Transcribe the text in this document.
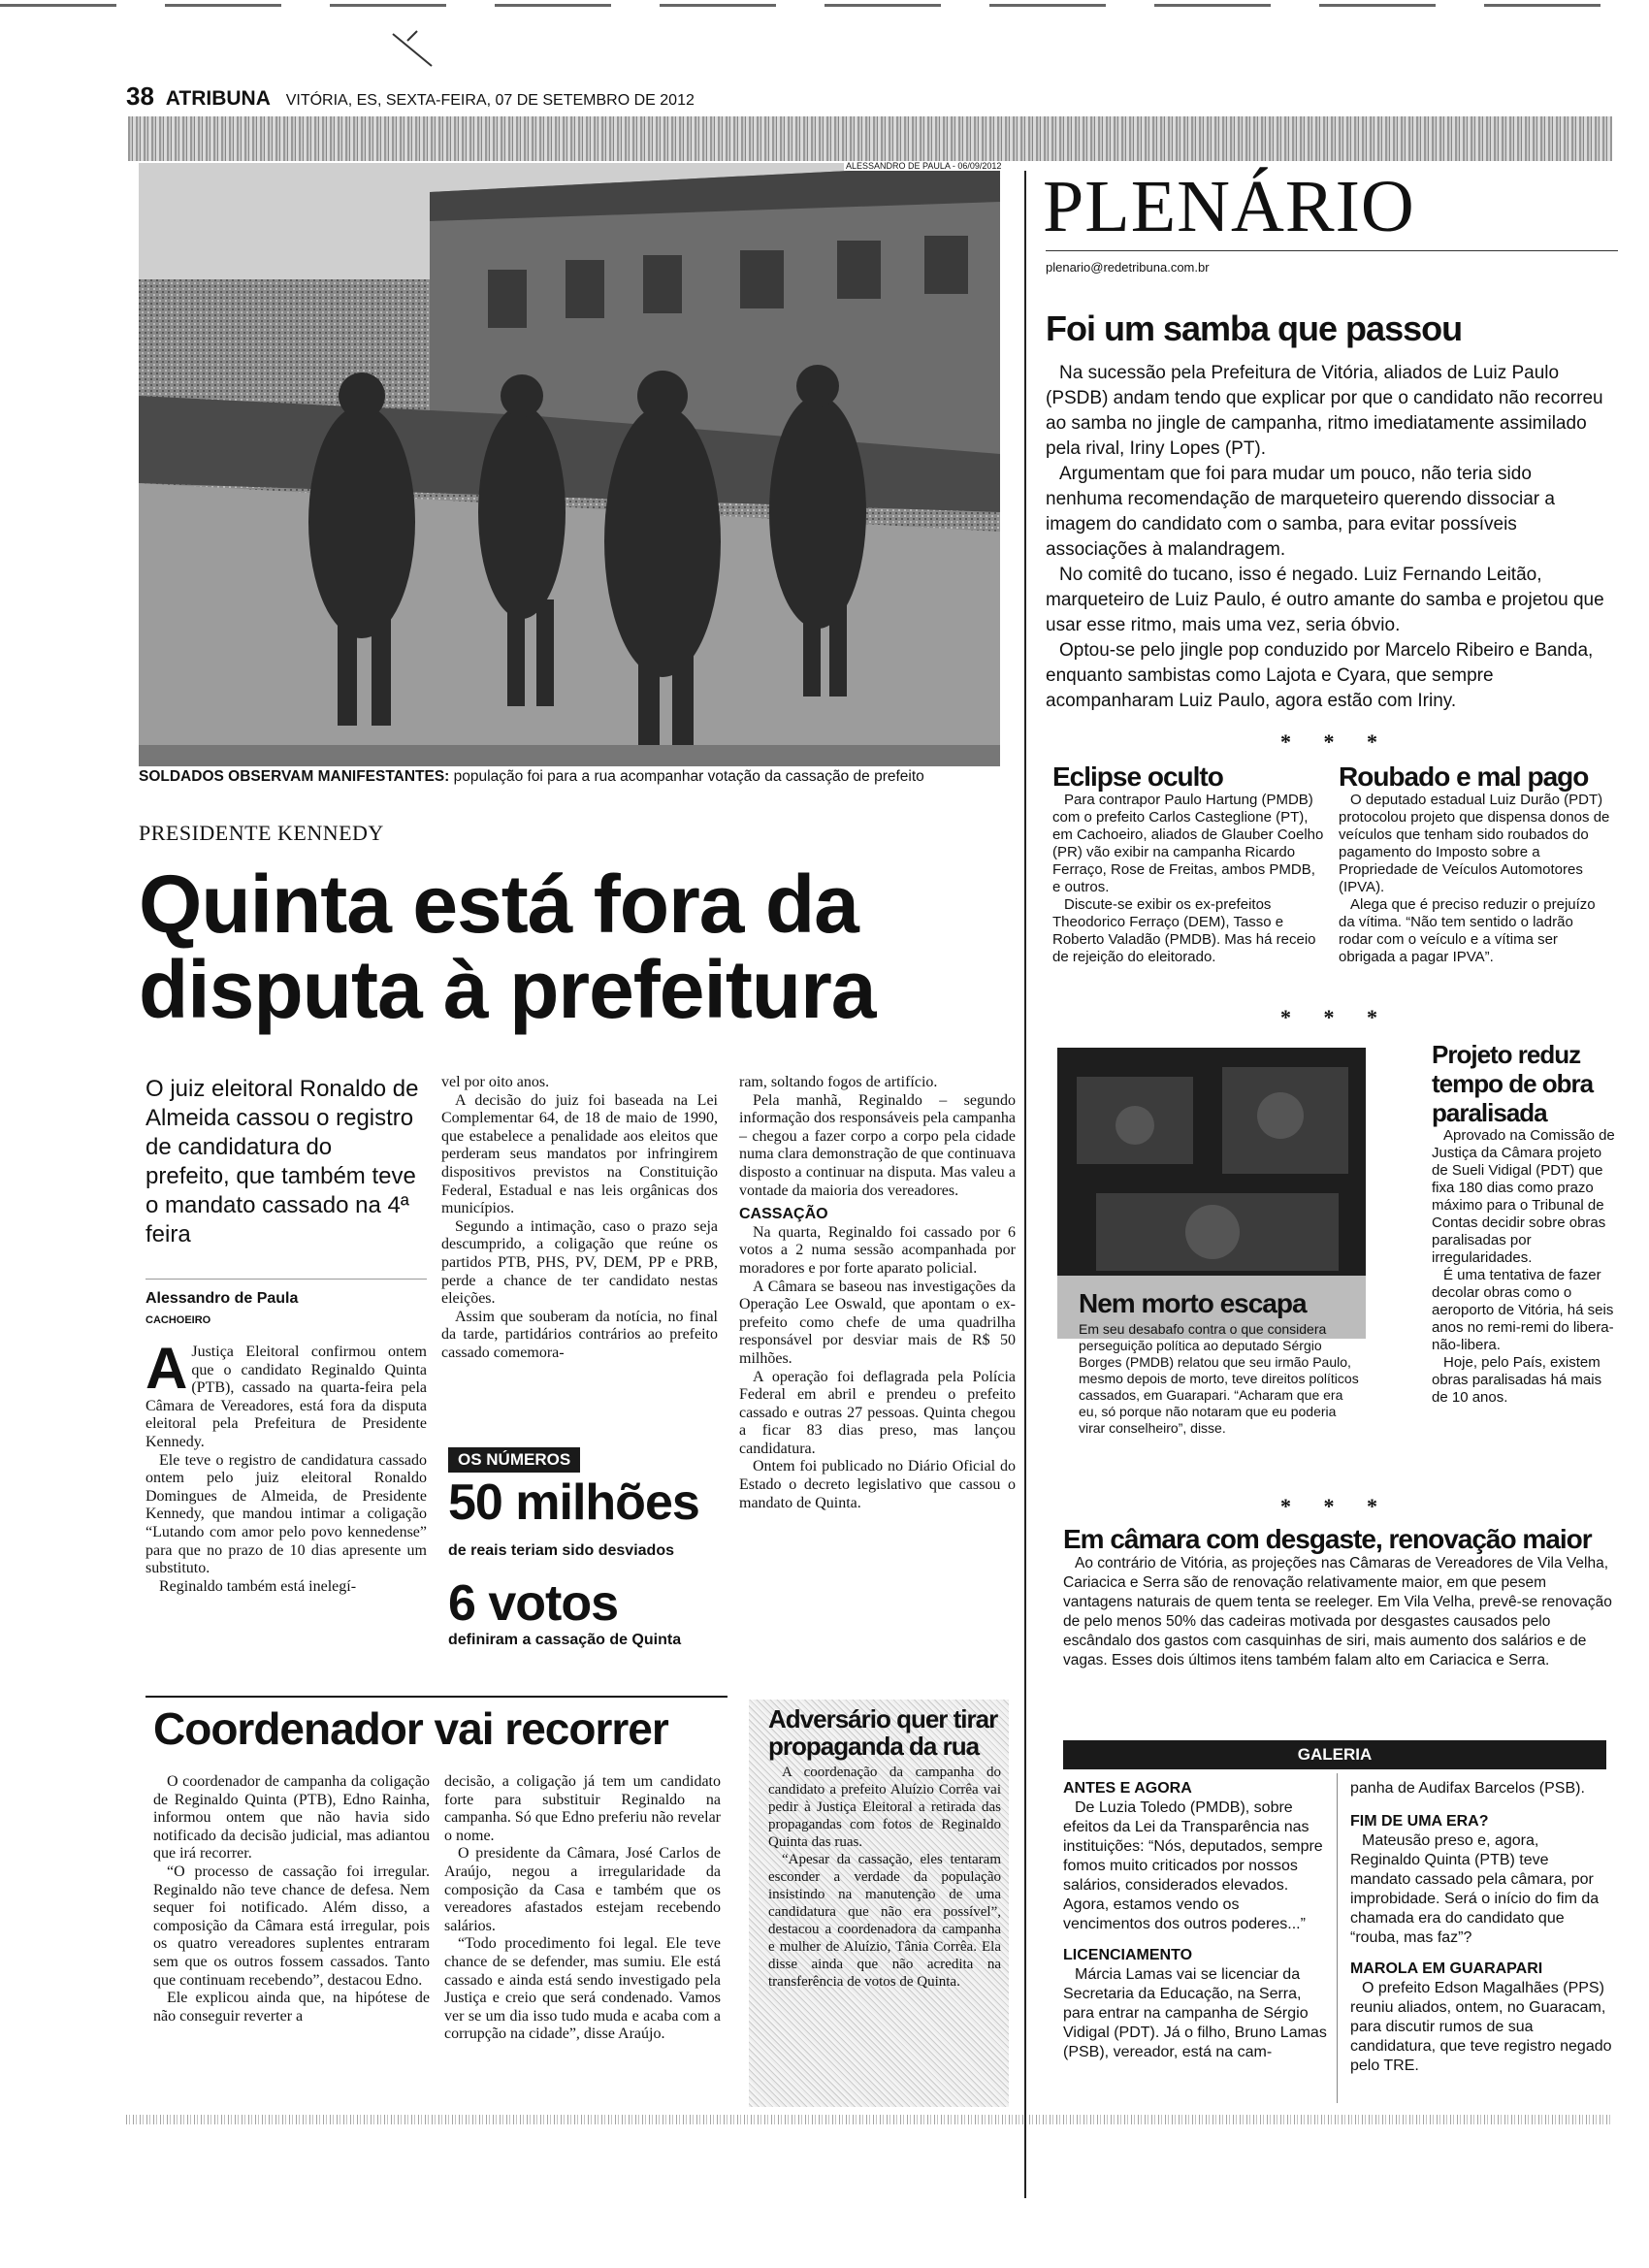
38 ATRIBUNA VITÓRIA, ES, SEXTA-FEIRA, 07 DE SETEMBRO DE 2012
ALESSANDRO DE PAULA - 06/09/2012
SOLDADOS OBSERVAM MANIFESTANTES: população foi para a rua acompanhar votação da cassação de prefeito
PRESIDENTE KENNEDY
Quinta está fora da
disputa à prefeitura
O juiz eleitoral Ronaldo de Almeida cassou o registro de candidatura do prefeito, que também teve o mandato cassado na 4ª feira
Alessandro de Paula
CACHOEIRO

A Justiça Eleitoral confirmou ontem que o candidato Reginaldo Quinta (PTB), cassado na quarta-feira pela Câmara de Vereadores, está fora da disputa eleitoral pela Prefeitura de Presidente Kennedy.

Ele teve o registro de candidatura cassado ontem pelo juiz eleitoral Ronaldo Domingues de Almeida, de Presidente Kennedy, que mandou intimar a coligação “Lutando com amor pelo povo kennedense” para que no prazo de 10 dias apresente um substituto.

Reginaldo também está inelegí-

vel por oito anos.

A decisão do juiz foi baseada na Lei Complementar 64, de 18 de maio de 1990, que estabelece a penalidade aos eleitos que perderam seus mandatos por infringirem dispositivos previstos na Constituição Federal, Estadual e nas leis orgânicas dos municípios.

Segundo a intimação, caso o prazo seja descumprido, a coligação que reúne os partidos PTB, PHS, PV, DEM, PP e PRB, perde a chance de ter candidato nestas eleições.

Assim que souberam da notícia, no final da tarde, partidários contrários ao prefeito cassado comemora-

OS NÚMEROS
50 milhões
de reais teriam sido desviados
6 votos
definiram a cassação de Quinta

ram, soltando fogos de artifício.

Pela manhã, Reginaldo – segundo informação dos responsáveis pela campanha – chegou a fazer corpo a corpo pela cidade numa clara demonstração de que continuava disposto a continuar na disputa. Mas valeu a vontade da maioria dos vereadores.

CASSAÇÃO

Na quarta, Reginaldo foi cassado por 6 votos a 2 numa sessão acompanhada por moradores e por forte aparato policial.

A Câmara se baseou nas investigações da Operação Lee Oswald, que apontam o ex-prefeito como chefe de uma quadrilha responsável por desviar mais de R$ 50 milhões.

A operação foi deflagrada pela Polícia Federal em abril e prendeu o prefeito cassado e outras 27 pessoas. Quinta chegou a ficar 83 dias preso, mas lançou candidatura.

Ontem foi publicado no Diário Oficial do Estado o decreto legislativo que cassou o mandato de Quinta.

Coordenador vai recorrer

O coordenador de campanha da coligação de Reginaldo Quinta (PTB), Edno Rainha, informou ontem que não havia sido notificado da decisão judicial, mas adiantou que irá recorrer.

“O processo de cassação foi irregular. Reginaldo não teve chance de defesa. Nem sequer foi notificado. Além disso, a composição da Câmara está irregular, pois os quatro vereadores suplentes entraram sem que os outros fossem cassados. Tanto que continuam recebendo”, destacou Edno.

Ele explicou ainda que, na hipótese de não conseguir reverter a

decisão, a coligação já tem um candidato forte para substituir Reginaldo na campanha. Só que Edno preferiu não revelar o nome.

O presidente da Câmara, José Carlos de Araújo, negou a irregularidade da composição da Casa e também que os vereadores afastados estejam recebendo salários.

“Todo procedimento foi legal. Ele teve chance de se defender, mas sumiu. Ele está cassado e ainda está sendo investigado pela Justiça e creio que será condenado. Vamos ver se um dia isso tudo muda e acaba com a corrupção na cidade”, disse Araújo.

Adversário quer tirar propaganda da rua

A coordenação da campanha do candidato a prefeito Aluízio Corrêa vai pedir à Justiça Eleitoral a retirada das propagandas com fotos de Reginaldo Quinta das ruas.

“Apesar da cassação, eles tentaram esconder a verdade da população insistindo na manutenção de uma candidatura que não era possível”, destacou a coordenadora da campanha e mulher de Aluízio, Tânia Corrêa. Ela disse ainda que não acredita na transferência de votos de Quinta.

PLENÁRIO
plenario@redetribuna.com.br
Foi um samba que passou

Na sucessão pela Prefeitura de Vitória, aliados de Luiz Paulo (PSDB) andam tendo que explicar por que o candidato não recorreu ao samba no jingle de campanha, ritmo imediatamente assimilado pela rival, Iriny Lopes (PT).

Argumentam que foi para mudar um pouco, não teria sido nenhuma recomendação de marqueteiro querendo dissociar a imagem do candidato com o samba, para evitar possíveis associações à malandragem.

No comitê do tucano, isso é negado. Luiz Fernando Leitão, marqueteiro de Luiz Paulo, é outro amante do samba e projetou que usar esse ritmo, mais uma vez, seria óbvio.

Optou-se pelo jingle pop conduzido por Marcelo Ribeiro e Banda, enquanto sambistas como Lajota e Cyara, que sempre acompanharam Luiz Paulo, agora estão com Iriny.

* * *
Eclipse oculto

Para contrapor Paulo Hartung (PMDB) com o prefeito Carlos Casteglione (PT), em Cachoeiro, aliados de Glauber Coelho (PR) vão exibir na campanha Ricardo Ferraço, Rose de Freitas, ambos PMDB, e outros.

Discute-se exibir os ex-prefeitos Theodorico Ferraço (DEM), Tasso e Roberto Valadão (PMDB). Mas há receio de rejeição do eleitorado.

Roubado e mal pago

O deputado estadual Luiz Durão (PDT) protocolou projeto que dispensa donos de veículos que tenham sido roubados do pagamento do Imposto sobre a Propriedade de Veículos Automotores (IPVA).

Alega que é preciso reduzir o prejuízo da vítima. “Não tem sentido o ladrão rodar com o veículo e a vítima ser obrigada a pagar IPVA”.

* * *
Nem morto escapa
Em seu desabafo contra o que considera perseguição política ao deputado Sérgio Borges (PMDB) relatou que seu irmão Paulo, mesmo depois de morto, teve direitos políticos cassados, em Guarapari. “Acharam que era eu, só porque não notaram que eu poderia virar conselheiro”, disse.
Projeto reduz tempo de obra paralisada

Aprovado na Comissão de Justiça da Câmara projeto de Sueli Vidigal (PDT) que fixa 180 dias como prazo máximo para o Tribunal de Contas decidir sobre obras paralisadas por irregularidades.

É uma tentativa de fazer decolar obras como o aeroporto de Vitória, há seis anos no remi-remi do libera-não-libera.

Hoje, pelo País, existem obras paralisadas há mais de 10 anos.

* * *
Em câmara com desgaste, renovação maior
Ao contrário de Vitória, as projeções nas Câmaras de Vereadores de Vila Velha, Cariacica e Serra são de renovação relativamente maior, em que pesem vantagens naturais de quem tenta se reeleger. Em Vila Velha, prevê-se renovação de pelo menos 50% das cadeiras motivada por desgastes causados pelo escândalo dos gastos com casquinhas de siri, mais aumento dos salários e de vagas. Esses dois últimos itens também falam alto em Cariacica e Serra.
GALERIA
ANTES E AGORA

De Luzia Toledo (PMDB), sobre efeitos da Lei da Transparência nas instituições: “Nós, deputados, sempre fomos muito criticados por nossos salários, considerados elevados. Agora, estamos vendo os vencimentos dos outros poderes...”

LICENCIAMENTO

Márcia Lamas vai se licenciar da Secretaria da Educação, na Serra, para entrar na campanha de Sérgio Vidigal (PDT). Já o filho, Bruno Lamas (PSB), vereador, está na cam-

panha de Audifax Barcelos (PSB).
FIM DE UMA ERA?

Mateusão preso e, agora, Reginaldo Quinta (PTB) teve mandato cassado pela câmara, por improbidade. Será o início do fim da chamada era do candidato que “rouba, mas faz”?

MAROLA EM GUARAPARI

O prefeito Edson Magalhães (PPS) reuniu aliados, ontem, no Guaracam, para discutir rumos de sua candidatura, que teve registro negado pelo TRE.
